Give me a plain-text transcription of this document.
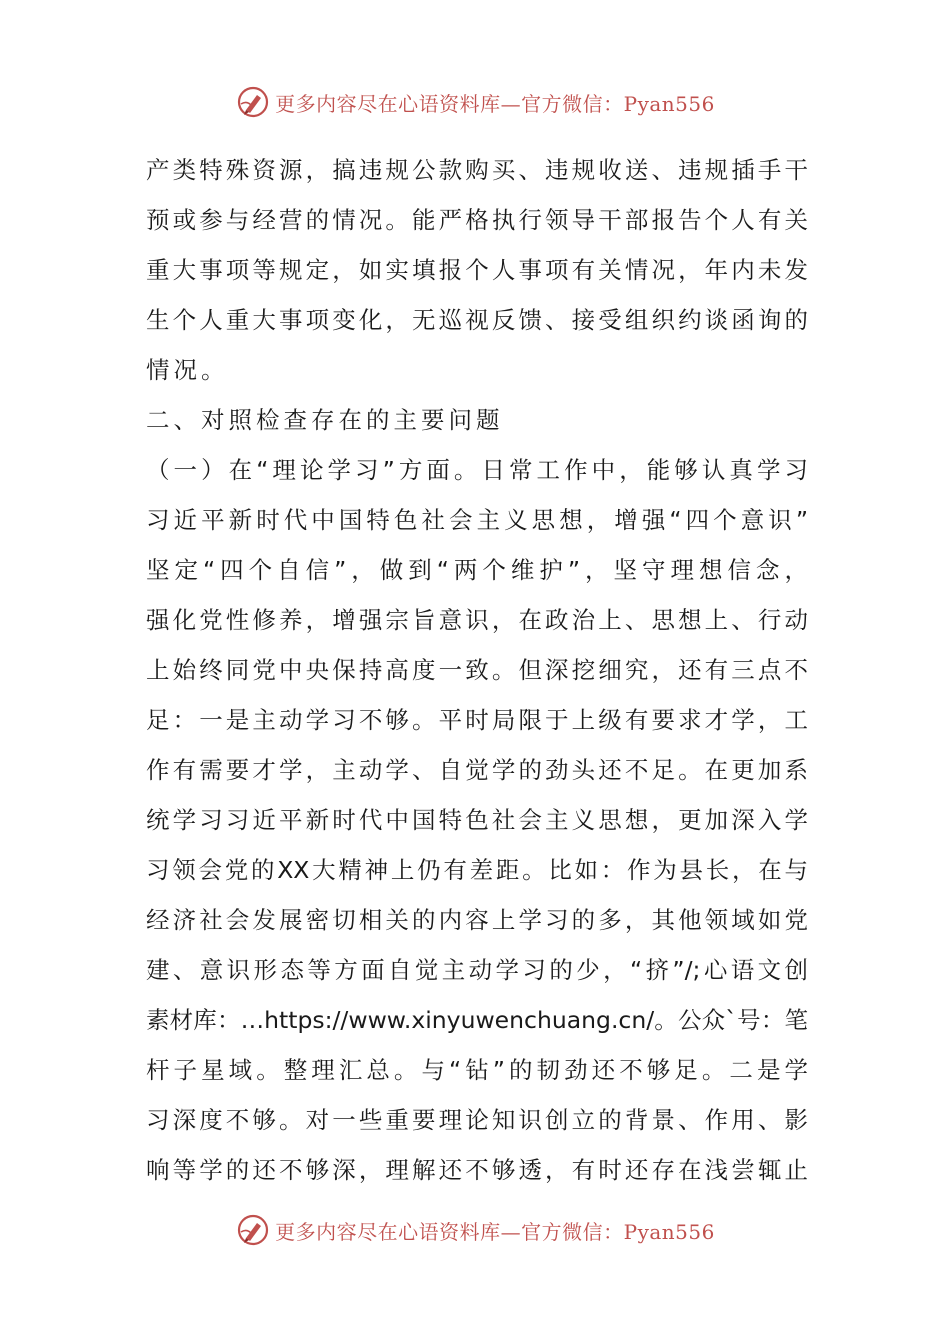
更多内容尽在心语资料库—官方微信：Pyan556
产类特殊资源，搞违规公款购买、违规收送、违规插手干
预或参与经营的情况。能严格执行领导干部报告个人有关
重大事项等规定，如实填报个人事项有关情况，年内未发
生个人重大事项变化，无巡视反馈、接受组织约谈函询的
情况。
二、对照检查存在的主要问题
（一）在“理论学习”方面。日常工作中，能够认真学习
习近平新时代中国特色社会主义思想，增强“四个意识”
坚定“四个自信”，做到“两个维护”，坚守理想信念，
强化党性修养，增强宗旨意识，在政治上、思想上、行动
上始终同党中央保持高度一致。但深挖细究，还有三点不
足：一是主动学习不够。平时局限于上级有要求才学，工
作有需要才学，主动学、自觉学的劲头还不足。在更加系
统学习习近平新时代中国特色社会主义思想，更加深入学
习领会党的XX大精神上仍有差距。比如：作为县长，在与
经济社会发展密切相关的内容上学习的多，其他领域如党
建、意识形态等方面自觉主动学习的少，“挤”/;心语文创
素材库：…https://www.xinyuwenchuang.cn/。公众`号：笔
杆子星域。整理汇总。与“钻”的韧劲还不够足。二是学
习深度不够。对一些重要理论知识创立的背景、作用、影
响等学的还不够深，理解还不够透，有时还存在浅尝辄止
更多内容尽在心语资料库—官方微信：Pyan556
